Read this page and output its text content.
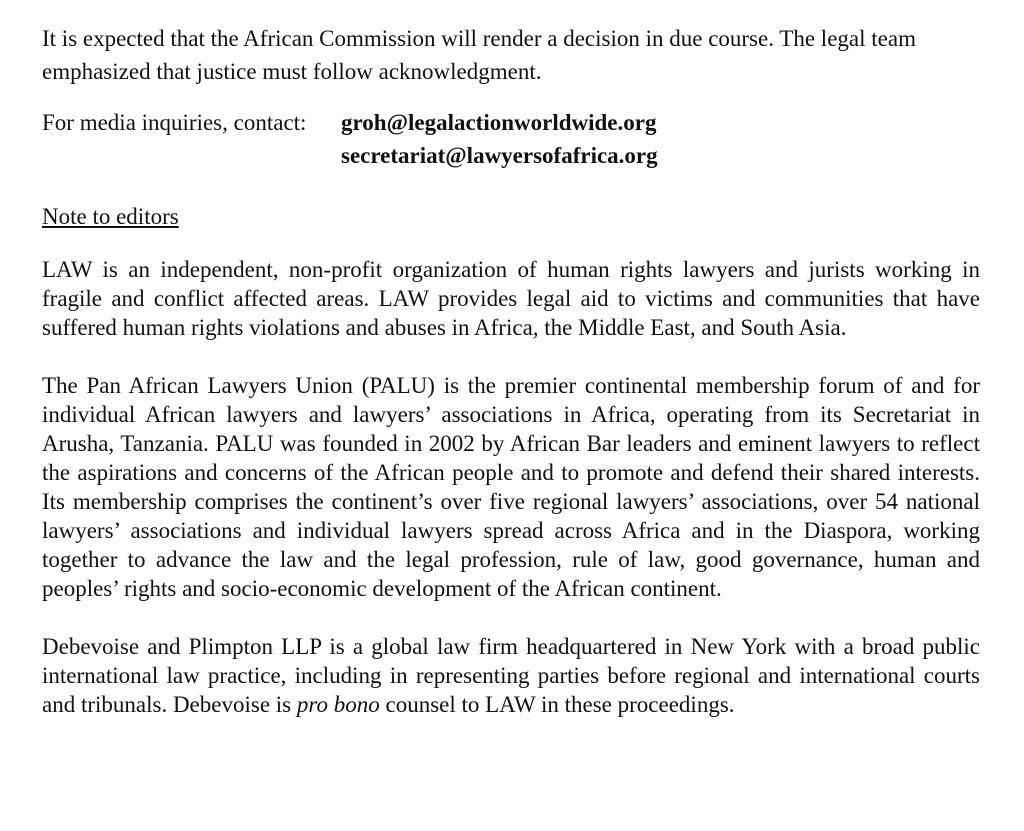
It is expected that the African Commission will render a decision in due course. The legal team emphasized that justice must follow acknowledgment.

For media inquiries, contact:	groh@legalactionworldwide.org
secretariat@lawyersofafrica.org
Note to editors

LAW is an independent, non-profit organization of human rights lawyers and jurists working in fragile and conflict affected areas. LAW provides legal aid to victims and communities that have suffered human rights violations and abuses in Africa, the Middle East, and South Asia.

The Pan African Lawyers Union (PALU) is the premier continental membership forum of and for individual African lawyers and lawyers’ associations in Africa, operating from its Secretariat in Arusha, Tanzania. PALU was founded in 2002 by African Bar leaders and eminent lawyers to reflect the aspirations and concerns of the African people and to promote and defend their shared interests. Its membership comprises the continent’s over five regional lawyers’ associations, over 54 national lawyers’ associations and individual lawyers spread across Africa and in the Diaspora, working together to advance the law and the legal profession, rule of law, good governance, human and peoples’ rights and socio-economic development of the African continent.

Debevoise and Plimpton LLP is a global law firm headquartered in New York with a broad public international law practice, including in representing parties before regional and international courts and tribunals. Debevoise is pro bono counsel to LAW in these proceedings.
